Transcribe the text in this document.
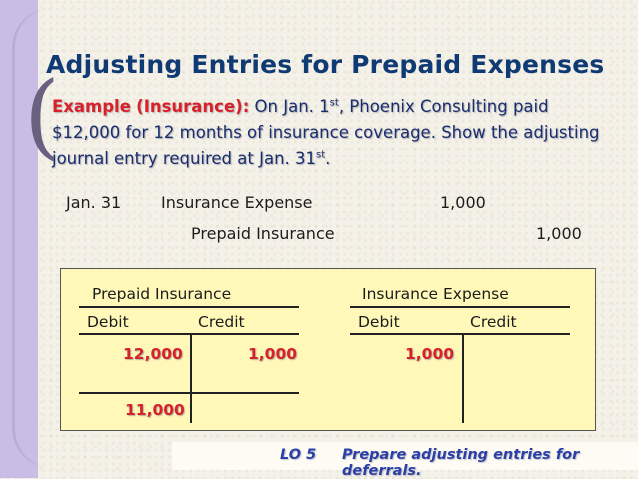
(
Adjusting Entries for Prepaid Expenses
Example (Insurance): On Jan. 1st, Phoenix Consulting paid $12,000 for 12 months of insurance coverage. Show the adjusting journal entry required at Jan. 31st.
Jan. 31 Insurance Expense	1,000
Prepaid Insurance	1,000
Prepaid Insurance
Debit	Credit
12,000	1,000
11,000
Insurance Expense
Debit	Credit
1,000
LO 5 Prepare adjusting entries for deferrals.
